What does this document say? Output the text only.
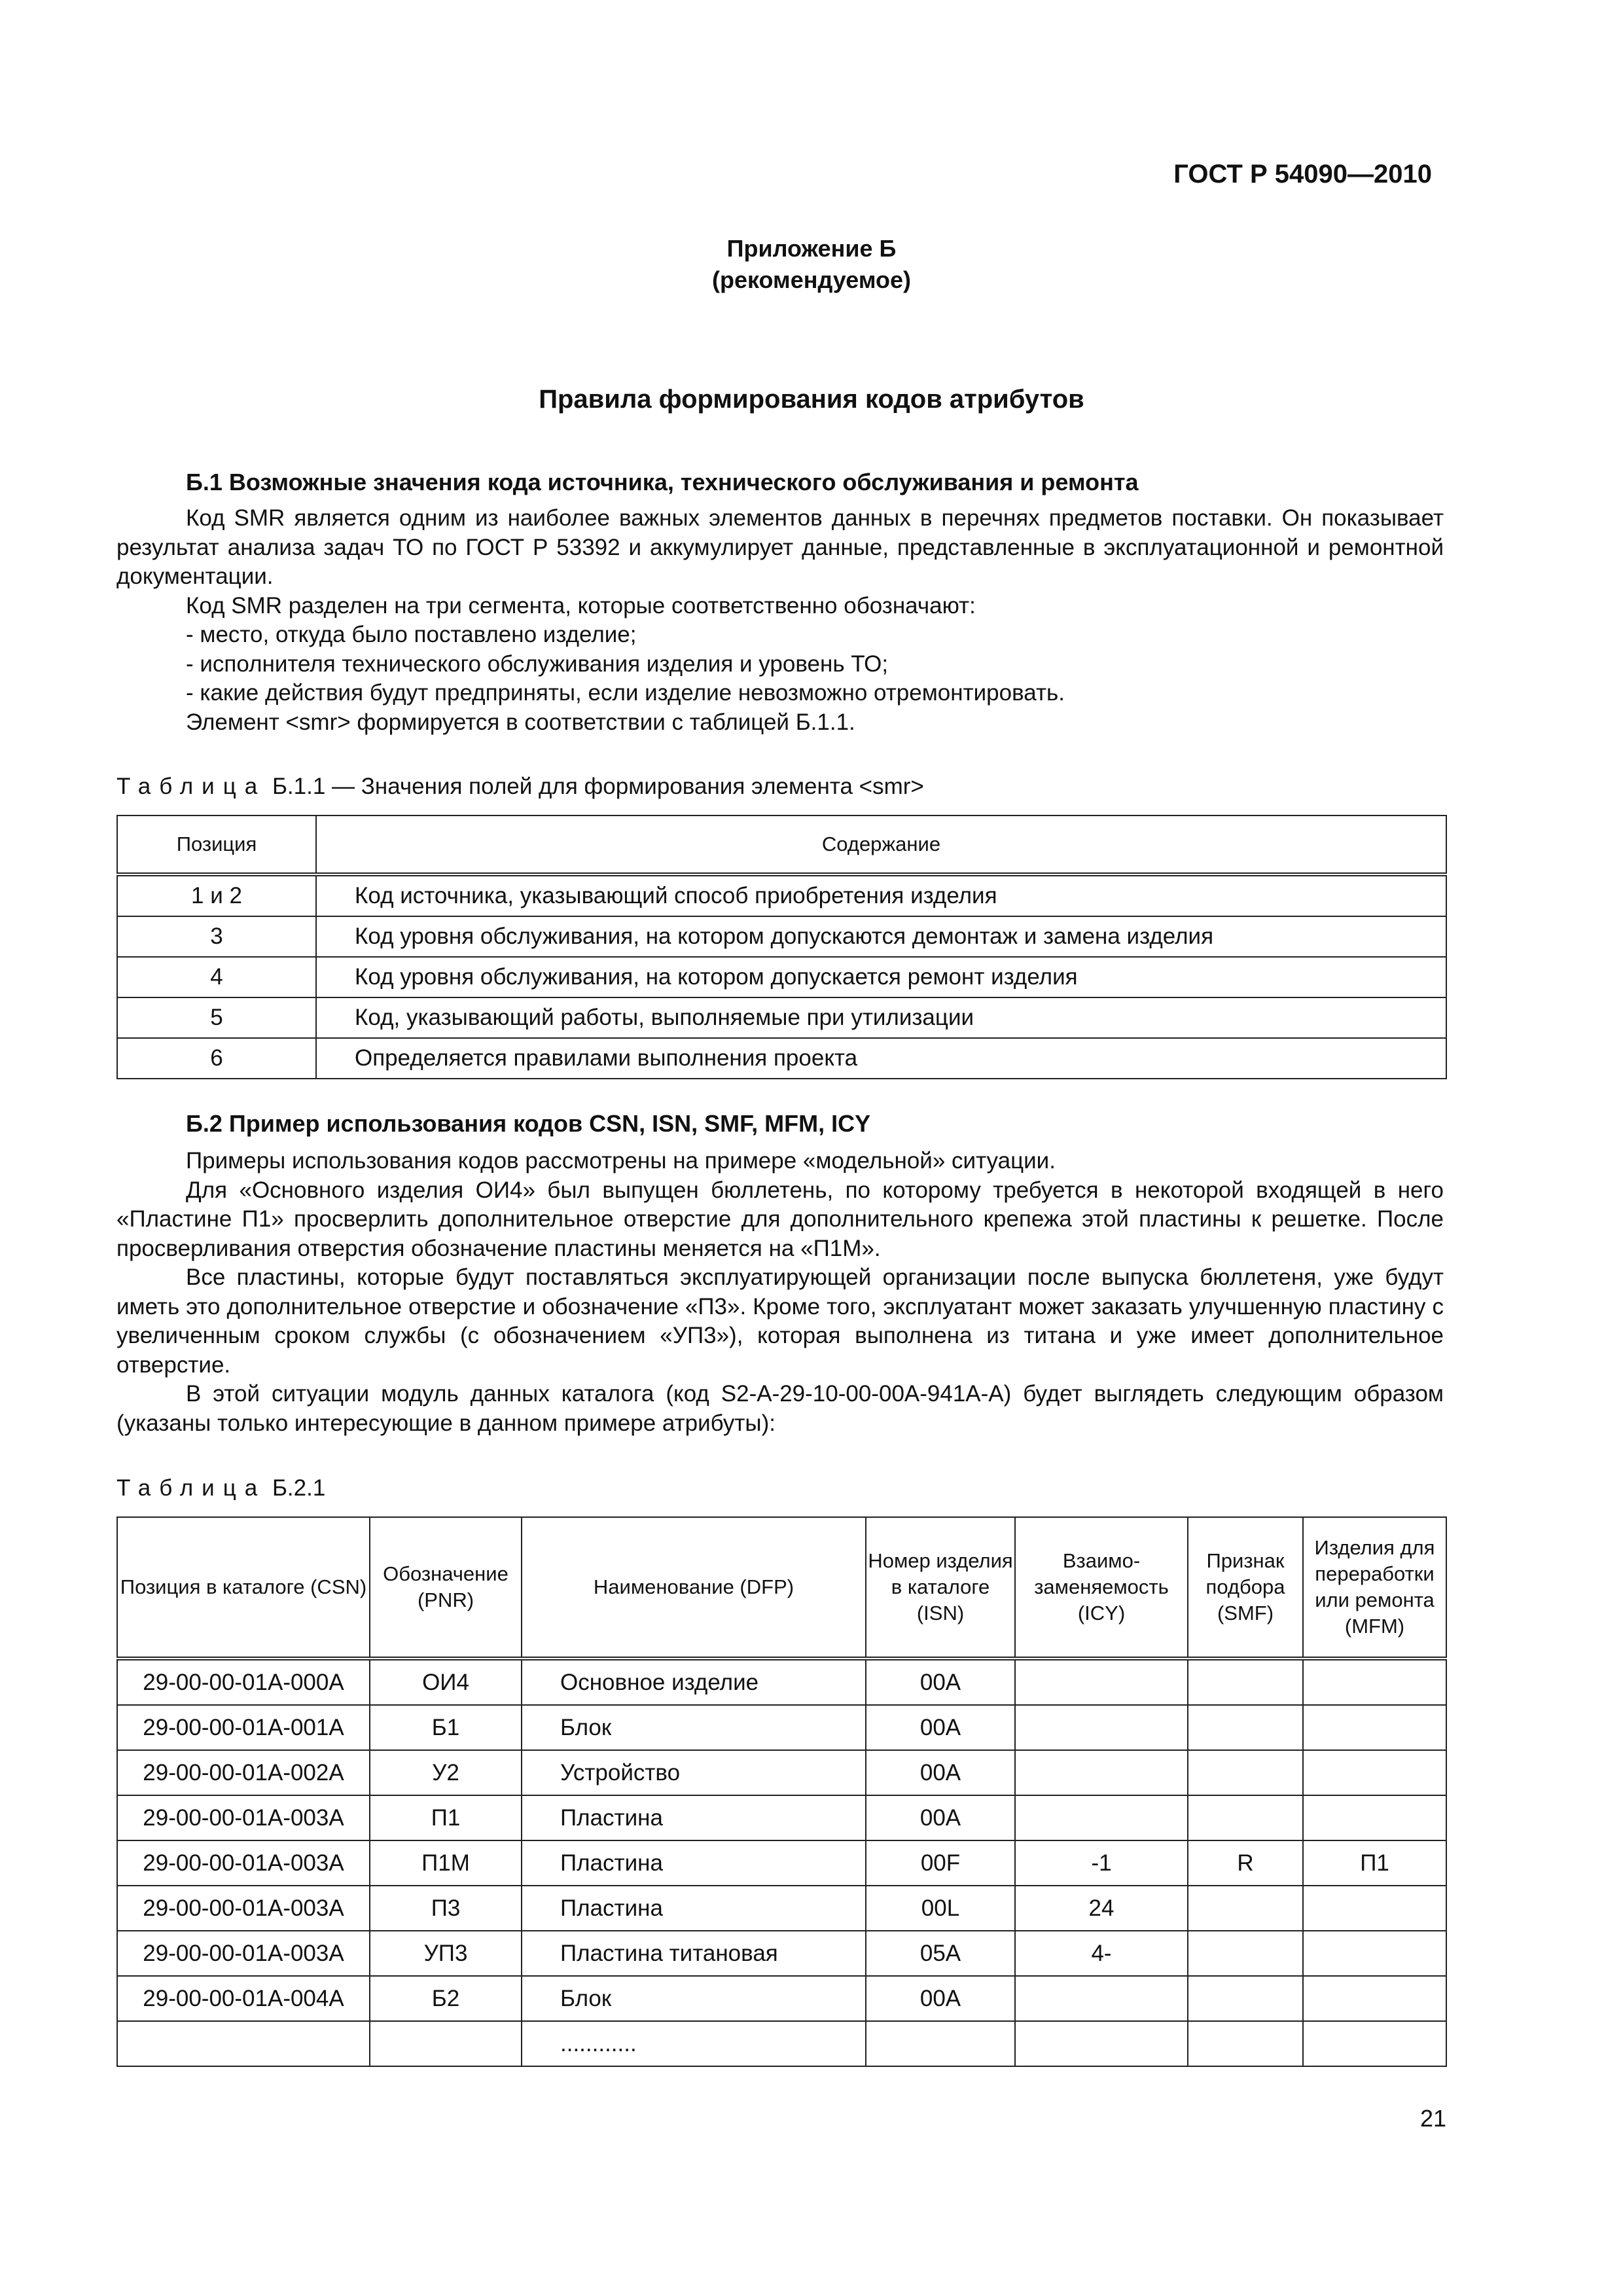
ГОСТ Р 54090—2010
Приложение Б
(рекомендуемое)
Правила формирования кодов атрибутов
Б.1 Возможные значения кода источника, технического обслуживания и ремонта

Код SMR является одним из наиболее важных элементов данных в перечнях предметов поставки. Он показывает результат анализа задач ТО по ГОСТ Р 53392 и аккумулирует данные, представленные в эксплуатационной и ремонтной документации.

Код SMR разделен на три сегмента, которые соответственно обозначают:

- место, откуда было поставлено изделие;

- исполнителя технического обслуживания изделия и уровень ТО;

- какие действия будут предприняты, если изделие невозможно отремонтировать.

Элемент <smr> формируется в соответствии с таблицей Б.1.1.

Таблица Б.1.1 — Значения полей для формирования элемента <smr>
Позиция	Содержание
1 и 2	Код источника, указывающий способ приобретения изделия
3	Код уровня обслуживания, на котором допускаются демонтаж и замена изделия
4	Код уровня обслуживания, на котором допускается ремонт изделия
5	Код, указывающий работы, выполняемые при утилизации
6	Определяется правилами выполнения проекта
Б.2 Пример использования кодов CSN, ISN, SMF, MFM, ICY

Примеры использования кодов рассмотрены на примере «модельной» ситуации.

Для «Основного изделия ОИ4» был выпущен бюллетень, по которому требуется в некоторой входящей в него «Пластине П1» просверлить дополнительное отверстие для дополнительного крепежа этой пластины к решетке. После просверливания отверстия обозначение пластины меняется на «П1М».

Все пластины, которые будут поставляться эксплуатирующей организации после выпуска бюллетеня, уже будут иметь это дополнительное отверстие и обозначение «П3». Кроме того, эксплуатант может заказать улучшенную пластину с увеличенным сроком службы (с обозначением «УП3»), которая выполнена из титана и уже имеет дополнительное отверстие.

В этой ситуации модуль данных каталога (код S2-A-29-10-00-00A-941A-A) будет выглядеть следующим образом (указаны только интересующие в данном примере атрибуты):

Таблица Б.2.1
Позиция в каталоге (CSN)	Обозначение (PNR)	Наименование (DFP)	Номер изделия в каталоге (ISN)	Взаимо-заменяемость (ICY)	Признак подбора (SMF)	Изделия для переработки или ремонта (MFM)
29-00-00-01A-000A	ОИ4	Основное изделие	00A			
29-00-00-01A-001A	Б1	Блок	00A			
29-00-00-01A-002A	У2	Устройство	00A			
29-00-00-01A-003A	П1	Пластина	00A			
29-00-00-01A-003A	П1М	Пластина	00F	-1	R	П1
29-00-00-01A-003A	П3	Пластина	00L	24		
29-00-00-01A-003A	УП3	Пластина титановая	05A	4-		
29-00-00-01A-004A	Б2	Блок	00A			
		............				
21
